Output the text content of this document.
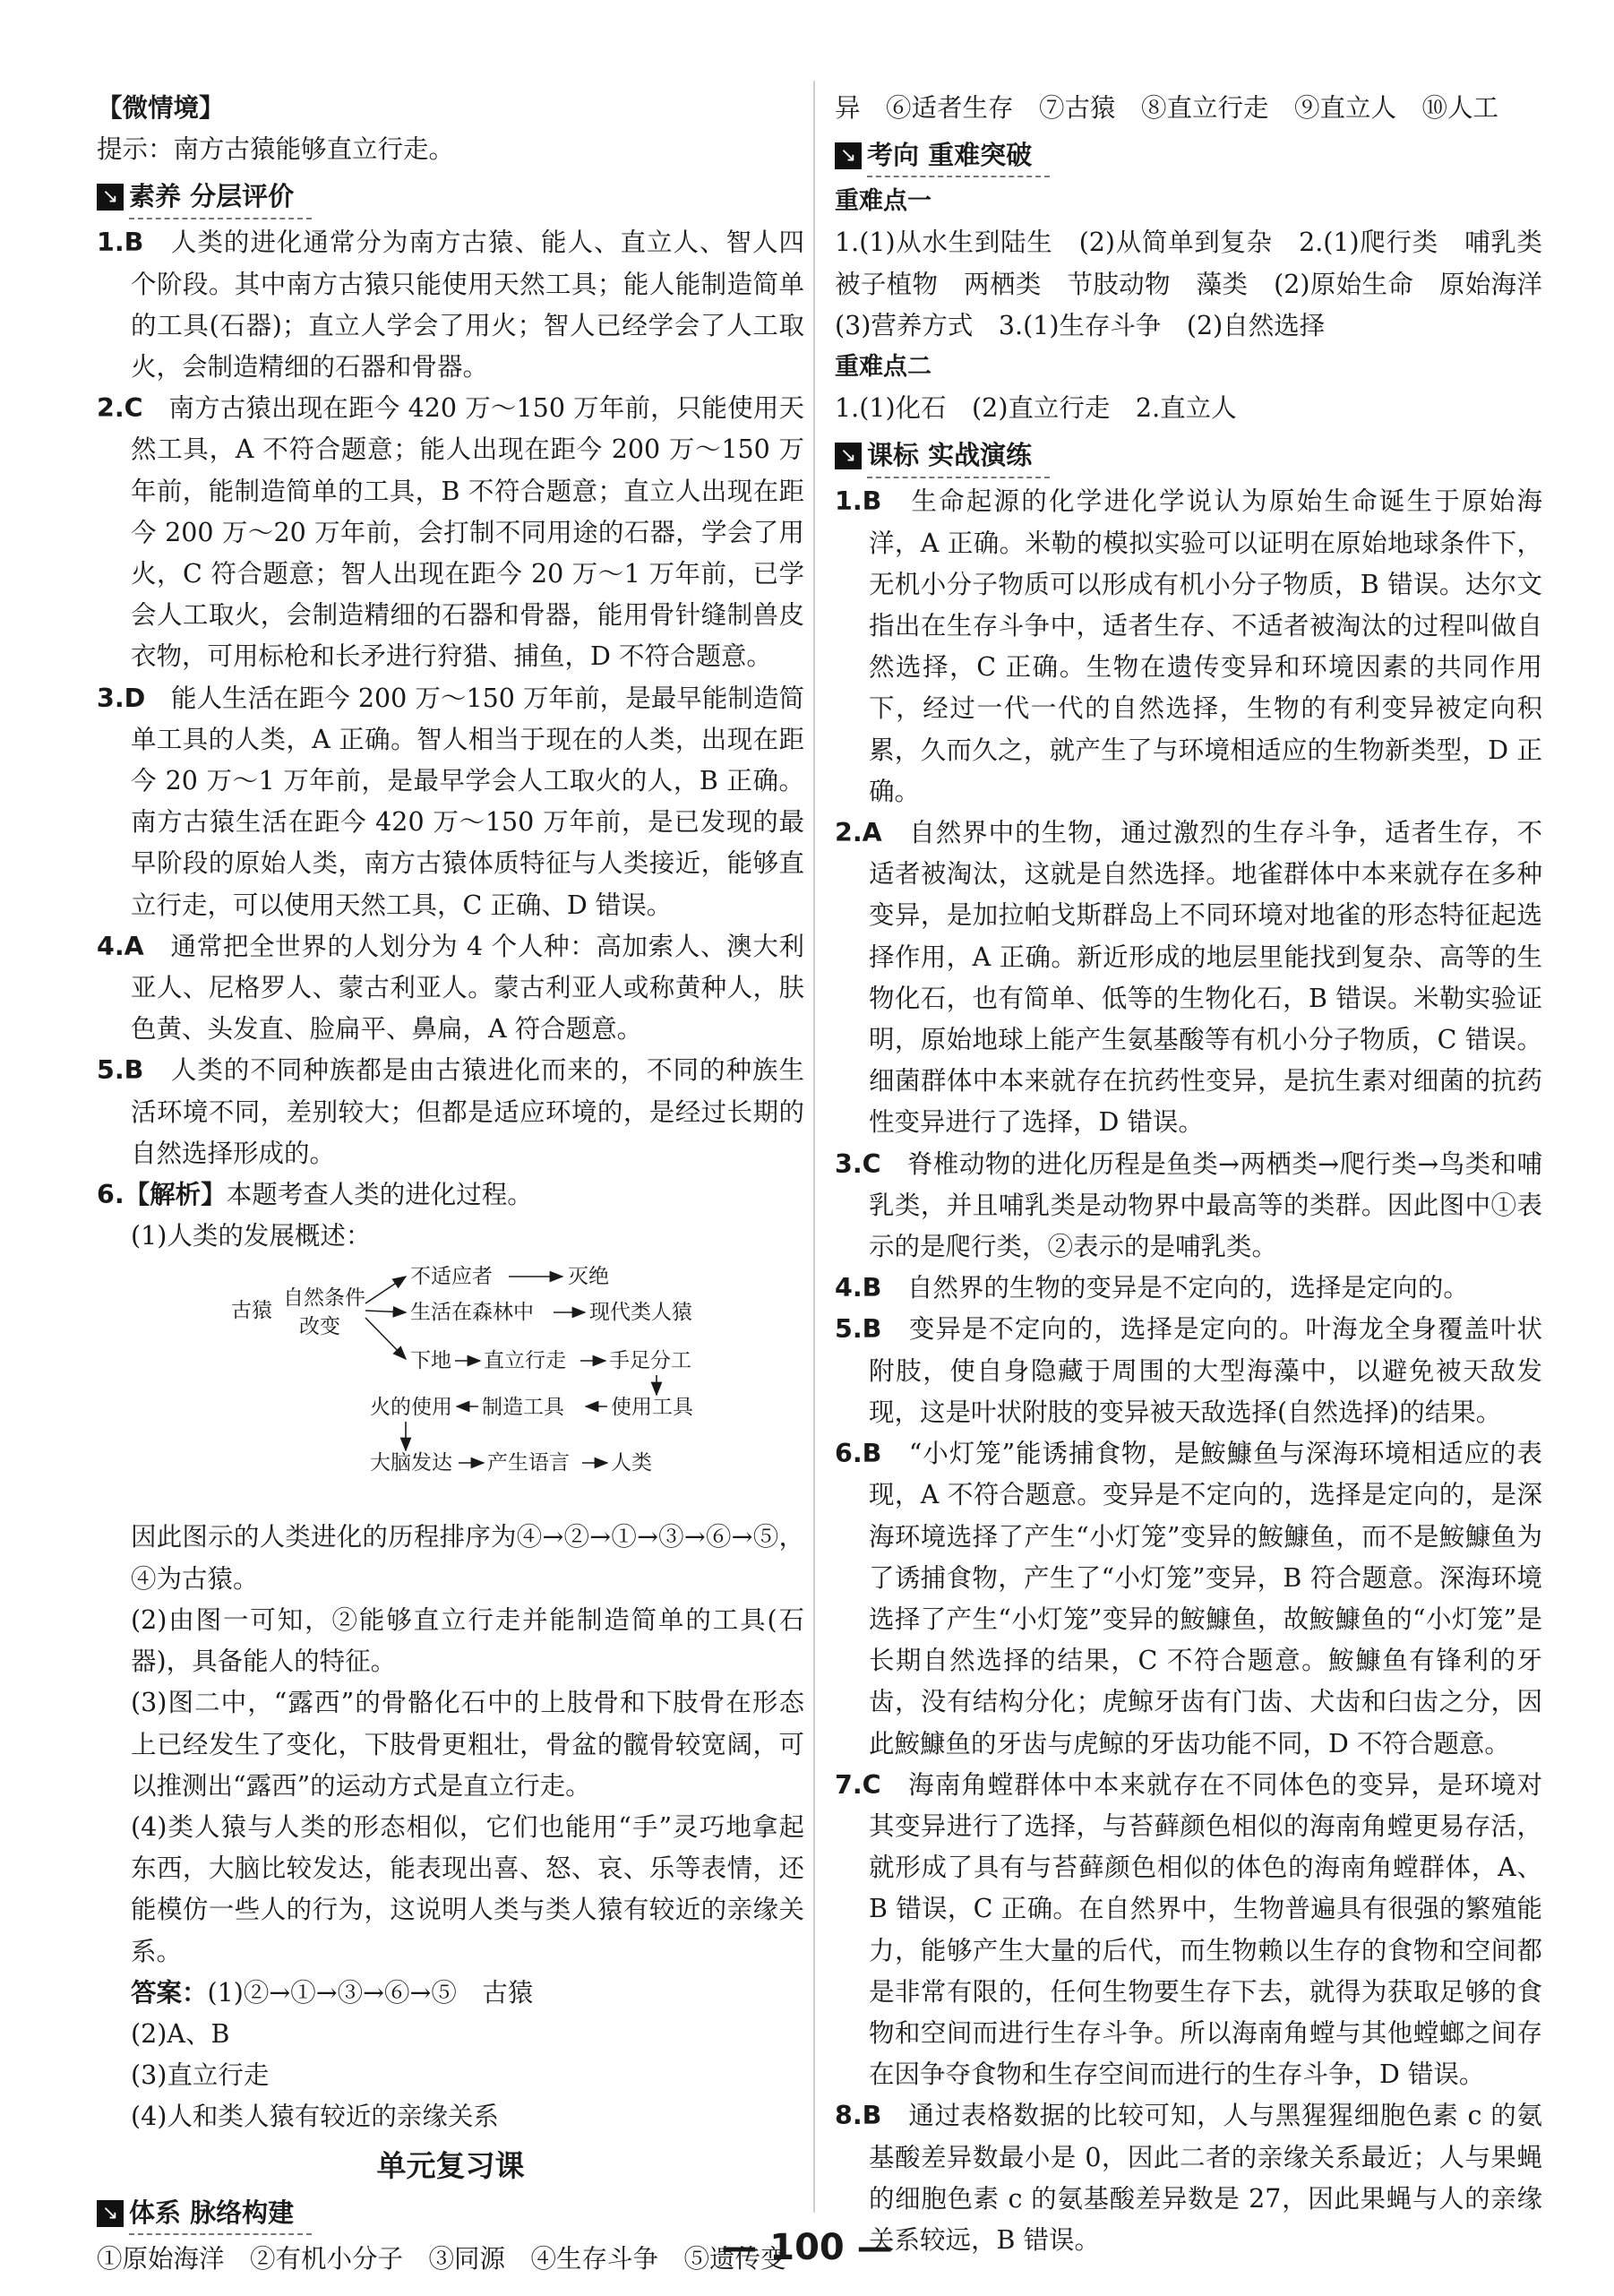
【微情境】

提示：南方古猿能够直立行走。

↘ 素养 分层评价

1.B　 人类的进化通常分为南方古猿、能人、直立人、智人四个阶段。其中南方古猿只能使用天然工具；能人能制造简单的工具(石器)；直立人学会了用火；智人已经学会了人工取火，会制造精细的石器和骨器。

2.C　 南方古猿出现在距今 420 万～150 万年前，只能使用天然工具，A 不符合题意；能人出现在距今 200 万～150 万年前，能制造简单的工具，B 不符合题意；直立人出现在距今 200 万～20 万年前，会打制不同用途的石器，学会了用火，C 符合题意；智人出现在距今 20 万～1 万年前，已学会人工取火，会制造精细的石器和骨器，能用骨针缝制兽皮衣物，可用标枪和长矛进行狩猎、捕鱼，D 不符合题意。

3.D　 能人生活在距今 200 万～150 万年前，是最早能制造简单工具的人类，A 正确。智人相当于现在的人类，出现在距今 20 万～1 万年前，是最早学会人工取火的人，B 正确。南方古猿生活在距今 420 万～150 万年前，是已发现的最早阶段的原始人类，南方古猿体质特征与人类接近，能够直立行走，可以使用天然工具，C 正确、D 错误。

4.A　 通常把全世界的人划分为 4 个人种：高加索人、澳大利亚人、尼格罗人、蒙古利亚人。蒙古利亚人或称黄种人，肤色黄、头发直、脸扁平、鼻扁，A 符合题意。

5.B　 人类的不同种族都是由古猿进化而来的，不同的种族生活环境不同，差别较大；但都是适应环境的，是经过长期的自然选择形成的。

6.【解析】本题考查人类的进化过程。

(1)人类的发展概述：

古猿
自然条件
改变
不适应者	灭绝
生活在森林中	现代类人猿
下地 直立行走 手足分工
火的使用 制造工具 使用工具
大脑发达 产生语言 人类

因此图示的人类进化的历程排序为④→②→①→③→⑥→⑤，④为古猿。

(2)由图一可知，②能够直立行走并能制造简单的工具(石器)，具备能人的特征。

(3)图二中，“露西”的骨骼化石中的上肢骨和下肢骨在形态上已经发生了变化，下肢骨更粗壮，骨盆的髋骨较宽阔，可以推测出“露西”的运动方式是直立行走。

(4)类人猿与人类的形态相似，它们也能用“手”灵巧地拿起东西，大脑比较发达，能表现出喜、怒、哀、乐等表情，还能模仿一些人的行为，这说明人类与类人猿有较近的亲缘关系。

答案：(1)②→①→③→⑥→⑤　古猿

(2)A、B

(3)直立行走

(4)人和类人猿有较近的亲缘关系

单元复习课
↘ 体系 脉络构建

①原始海洋　②有机小分子　③同源　④生存斗争　⑤遗传变

异　⑥适者生存　⑦古猿　⑧直立行走　⑨直立人　⑩人工

↘ 考向 重难突破

重难点一

1.(1)从水生到陆生　(2)从简单到复杂　2.(1)爬行类　哺乳类　被子植物　两栖类　节肢动物　藻类　(2)原始生命　原始海洋　(3)营养方式　3.(1)生存斗争　(2)自然选择

重难点二

1.(1)化石　(2)直立行走　2.直立人

↘ 课标 实战演练

1.B　 生命起源的化学进化学说认为原始生命诞生于原始海洋，A 正确。米勒的模拟实验可以证明在原始地球条件下，无机小分子物质可以形成有机小分子物质，B 错误。达尔文指出在生存斗争中，适者生存、不适者被淘汰的过程叫做自然选择，C 正确。生物在遗传变异和环境因素的共同作用下，经过一代一代的自然选择，生物的有利变异被定向积累，久而久之，就产生了与环境相适应的生物新类型，D 正确。

2.A　 自然界中的生物，通过激烈的生存斗争，适者生存，不适者被淘汰，这就是自然选择。地雀群体中本来就存在多种变异，是加拉帕戈斯群岛上不同环境对地雀的形态特征起选择作用，A 正确。新近形成的地层里能找到复杂、高等的生物化石，也有简单、低等的生物化石，B 错误。米勒实验证明，原始地球上能产生氨基酸等有机小分子物质，C 错误。细菌群体中本来就存在抗药性变异，是抗生素对细菌的抗药性变异进行了选择，D 错误。

3.C　 脊椎动物的进化历程是鱼类→两栖类→爬行类→鸟类和哺乳类，并且哺乳类是动物界中最高等的类群。因此图中①表示的是爬行类，②表示的是哺乳类。

4.B　 自然界的生物的变异是不定向的，选择是定向的。

5.B　 变异是不定向的，选择是定向的。叶海龙全身覆盖叶状附肢，使自身隐藏于周围的大型海藻中，以避免被天敌发现，这是叶状附肢的变异被天敌选择(自然选择)的结果。

6.B　 “小灯笼”能诱捕食物，是鮟鱇鱼与深海环境相适应的表现，A 不符合题意。变异是不定向的，选择是定向的，是深海环境选择了产生“小灯笼”变异的鮟鱇鱼，而不是鮟鱇鱼为了诱捕食物，产生了“小灯笼”变异，B 符合题意。深海环境选择了产生“小灯笼”变异的鮟鱇鱼，故鮟鱇鱼的“小灯笼”是长期自然选择的结果，C 不符合题意。鮟鱇鱼有锋利的牙齿，没有结构分化；虎鲸牙齿有门齿、犬齿和臼齿之分，因此鮟鱇鱼的牙齿与虎鲸的牙齿功能不同，D 不符合题意。

7.C　 海南角螳群体中本来就存在不同体色的变异，是环境对其变异进行了选择，与苔藓颜色相似的海南角螳更易存活，就形成了具有与苔藓颜色相似的体色的海南角螳群体，A、B 错误，C 正确。在自然界中，生物普遍具有很强的繁殖能力，能够产生大量的后代，而生物赖以生存的食物和空间都是非常有限的，任何生物要生存下去，就得为获取足够的食物和空间而进行生存斗争。所以海南角螳与其他螳螂之间存在因争夺食物和生存空间而进行的生存斗争，D 错误。

8.B　 通过表格数据的比较可知，人与黑猩猩细胞色素 c 的氨基酸差异数最小是 0，因此二者的亲缘关系最近；人与果蝇的细胞色素 c 的氨基酸差异数是 27，因此果蝇与人的亲缘关系较远，B 错误。

— 100 —
